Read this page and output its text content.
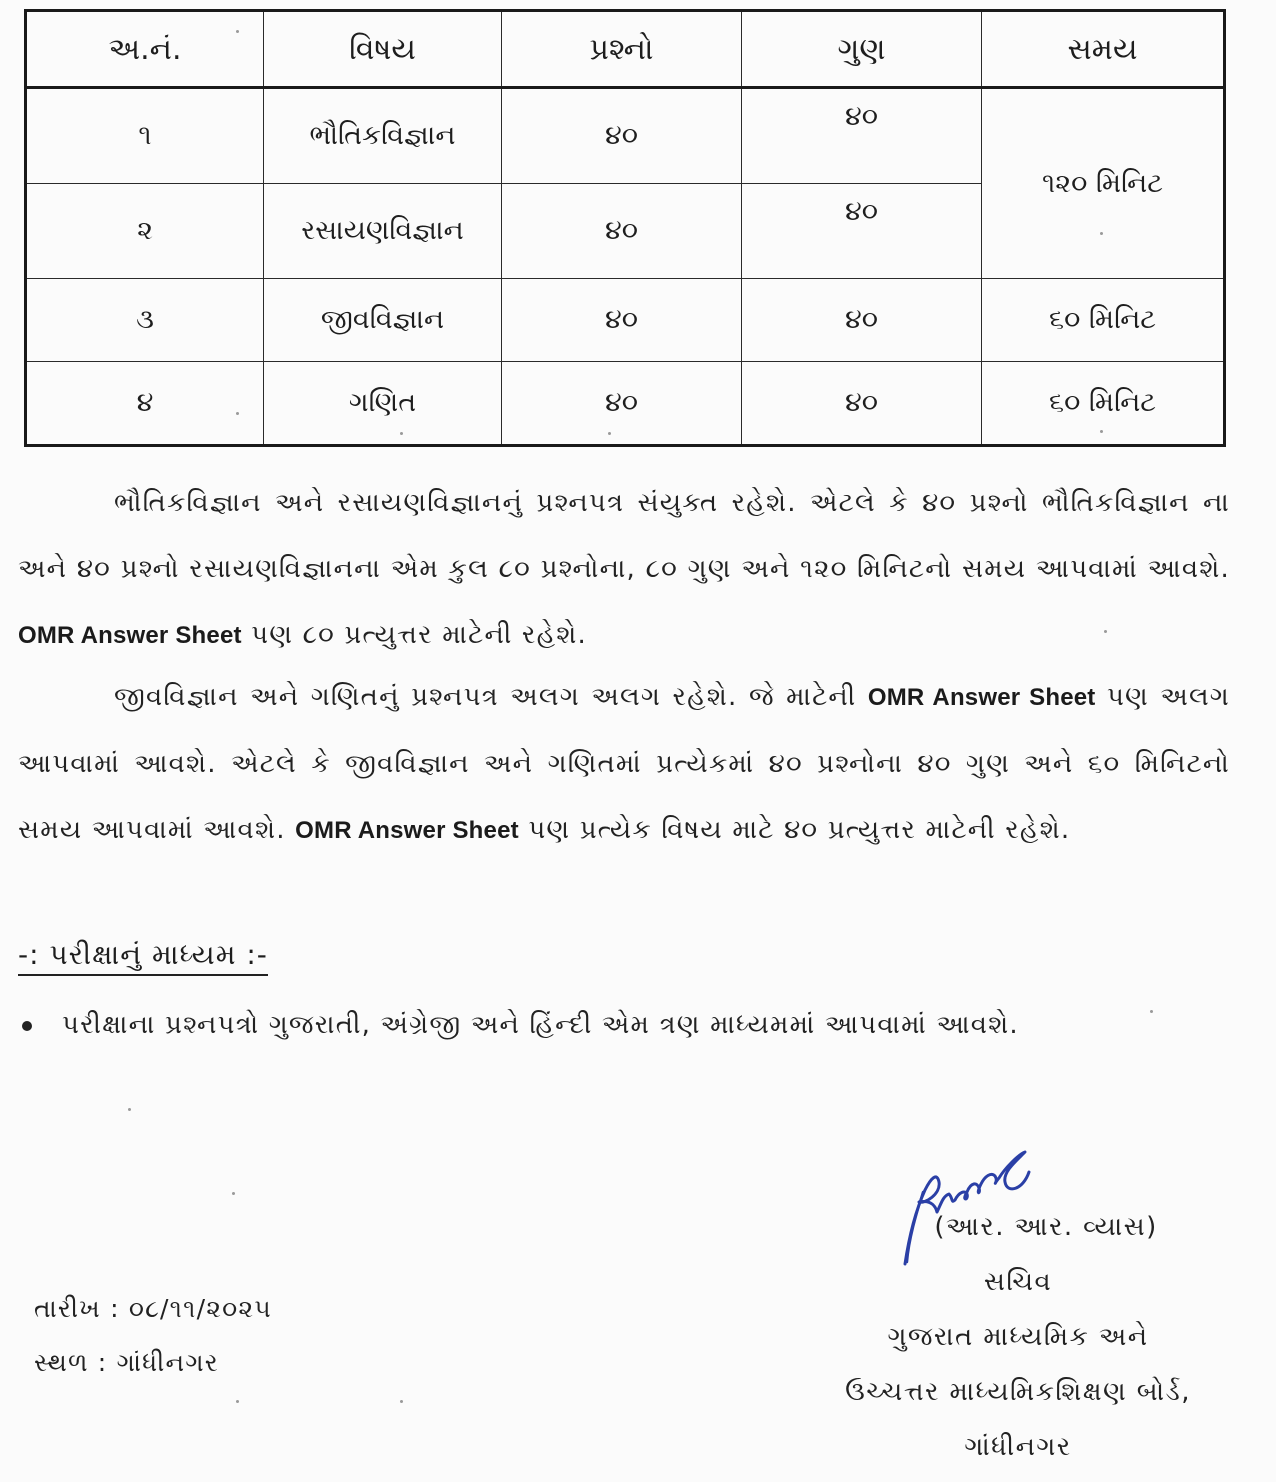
અ.નં.	વિષય	પ્રશ્નો	ગુણ	સમય
૧	ભૌતિકવિજ્ઞાન	૪૦	૪૦	૧૨૦ મિનિટ
૨	રસાયણવિજ્ઞાન	૪૦	૪૦	
૩	જીવવિજ્ઞાન	૪૦	૪૦	૬૦ મિનિટ
૪	ગણિત	૪૦	૪૦	૬૦ મિનિટ

ભૌતિકવિજ્ઞાન અને રસાયણવિજ્ઞાનનું પ્રશ્નપત્ર સંયુક્ત રહેશે. એટલે કે ૪૦ પ્રશ્નો ભૌતિકવિજ્ઞાન ના અને ૪૦ પ્રશ્નો રસાયણવિજ્ઞાનના એમ કુલ ૮૦ પ્રશ્નોના, ૮૦ ગુણ અને ૧૨૦ મિનિટનો સમય આપવામાં આવશે. OMR Answer Sheet પણ ૮૦ પ્રત્યુત્તર માટેની રહેશે.

જીવવિજ્ઞાન અને ગણિતનું પ્રશ્નપત્ર અલગ અલગ રહેશે. જે માટેની OMR Answer Sheet પણ અલગ આપવામાં આવશે. એટલે કે જીવવિજ્ઞાન અને ગણિતમાં પ્રત્યેકમાં ૪૦ પ્રશ્નોના ૪૦ ગુણ અને ૬૦ મિનિટનો સમય આપવામાં આવશે. OMR Answer Sheet પણ પ્રત્યેક વિષય માટે ૪૦ પ્રત્યુત્તર માટેની રહેશે.

-: પરીક્ષાનું માધ્યમ :-
પરીક્ષાના પ્રશ્નપત્રો ગુજરાતી, અંગ્રેજી અને હિંન્દી એમ ત્રણ માધ્યમમાં આપવામાં આવશે.
તારીખ : ૦૮/૧૧/૨૦૨૫
સ્થળ : ગાંધીનગર
(આર. આર. વ્યાસ)
સચિવ
ગુજરાત માધ્યમિક અને
ઉચ્ચત્તર માધ્યમિકશિક્ષણ બોર્ડ,
ગાંધીનગર
